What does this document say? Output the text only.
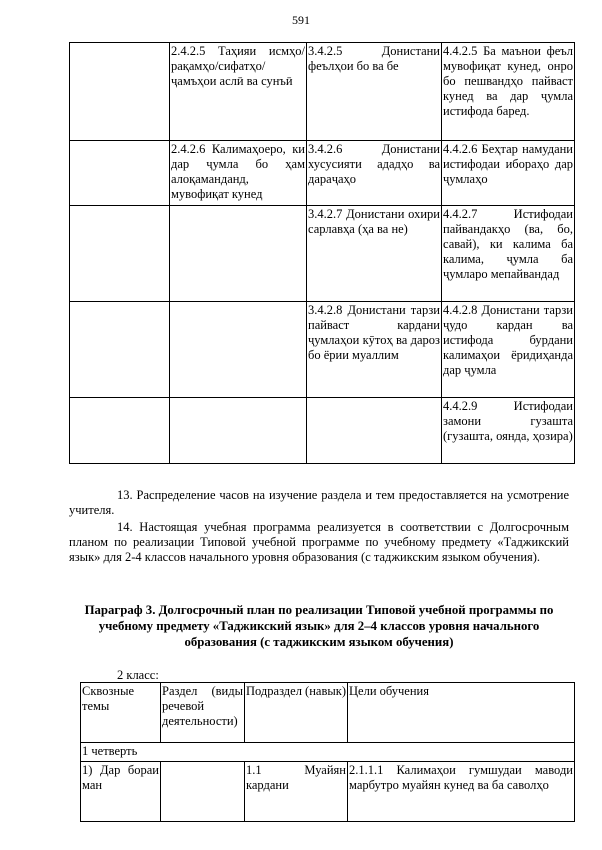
591
	2.4.2.5 Таҳияи исмҳо/рақамҳо/сифатҳо/ҷамъҳои аслӣ ва сунъӣ	3.4.2.5 Донистани феълҳои бо ва бе	4.4.2.5 Ба маънои феъл мувофиқат кунед, онро бо пешвандҳо пайваст кунед ва дар ҷумла истифода баред.
	2.4.2.6 Калимаҳоеро, ки дар ҷумла бо ҳам алоқаманданд, мувофиқат кунед	3.4.2.6 Донистани хусусияти ададҳо ва дараҷаҳо	4.4.2.6 Беҳтар намудани истифодаи ибораҳо дар ҷумлаҳо
		3.4.2.7 Донистани охири сарлавҳа (ҳа ва не)	4.4.2.7 Истифодаи пайвандакҳо (ва, бо, савай), ки калима ба калима, ҷумла ба ҷумларо мепайвандад
		3.4.2.8 Донистани тарзи пайваст кардани ҷумлаҳои кӯтоҳ ва дароз бо ёрии муаллим	4.4.2.8 Донистани тарзи ҷудо кардан ва истифода бурдани калимаҳои ёридиҳанда дар ҷумла
			4.4.2.9 Истифодаи замони гузашта (гузашта, оянда, ҳозира)
13. Распределение часов на изучение раздела и тем предоставляется на усмотрение учителя.
14. Настоящая учебная программа реализуется в соответствии с Долгосрочным планом по реализации Типовой учебной программе по учебному предмету «Таджикский язык» для 2-4 классов начального уровня образования (с таджикским языком обучения).
Параграф 3. Долгосрочный план по реализации Типовой учебной программы по учебному предмету «Таджикский язык» для 2–4 классов уровня начального образования (с таджикским языком обучения)
2 класс:
Сквозные темы	Раздел (виды речевой деятельности)	Подраздел (навык)	Цели обучения
1 четверть			
1) Дар бораи ман		1.1 Муайян кардани	2.1.1.1 Калимаҳои гумшудаи маводи марбутро муайян кунед ва ба саволҳо
